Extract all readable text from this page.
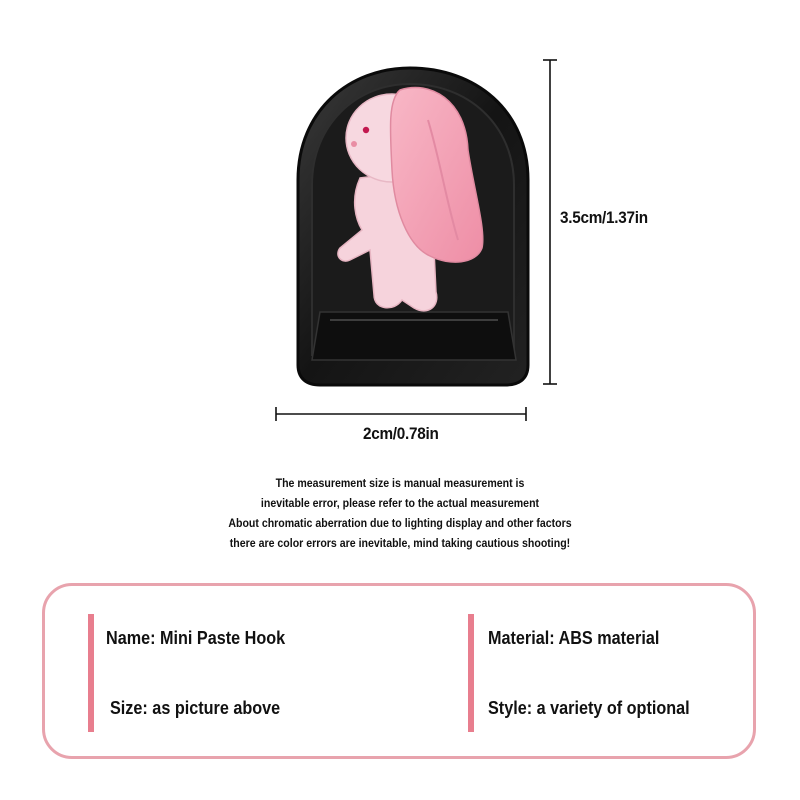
3.5cm/1.37in
2cm/0.78in
The measurement size is manual measurement is
inevitable error, please refer to the actual measurement
About chromatic aberration due to lighting display and other factors
there are color errors are inevitable, mind taking cautious shooting!
Name: Mini Paste Hook	Material: ABS material
Size: as picture above	Style: a variety of optional
